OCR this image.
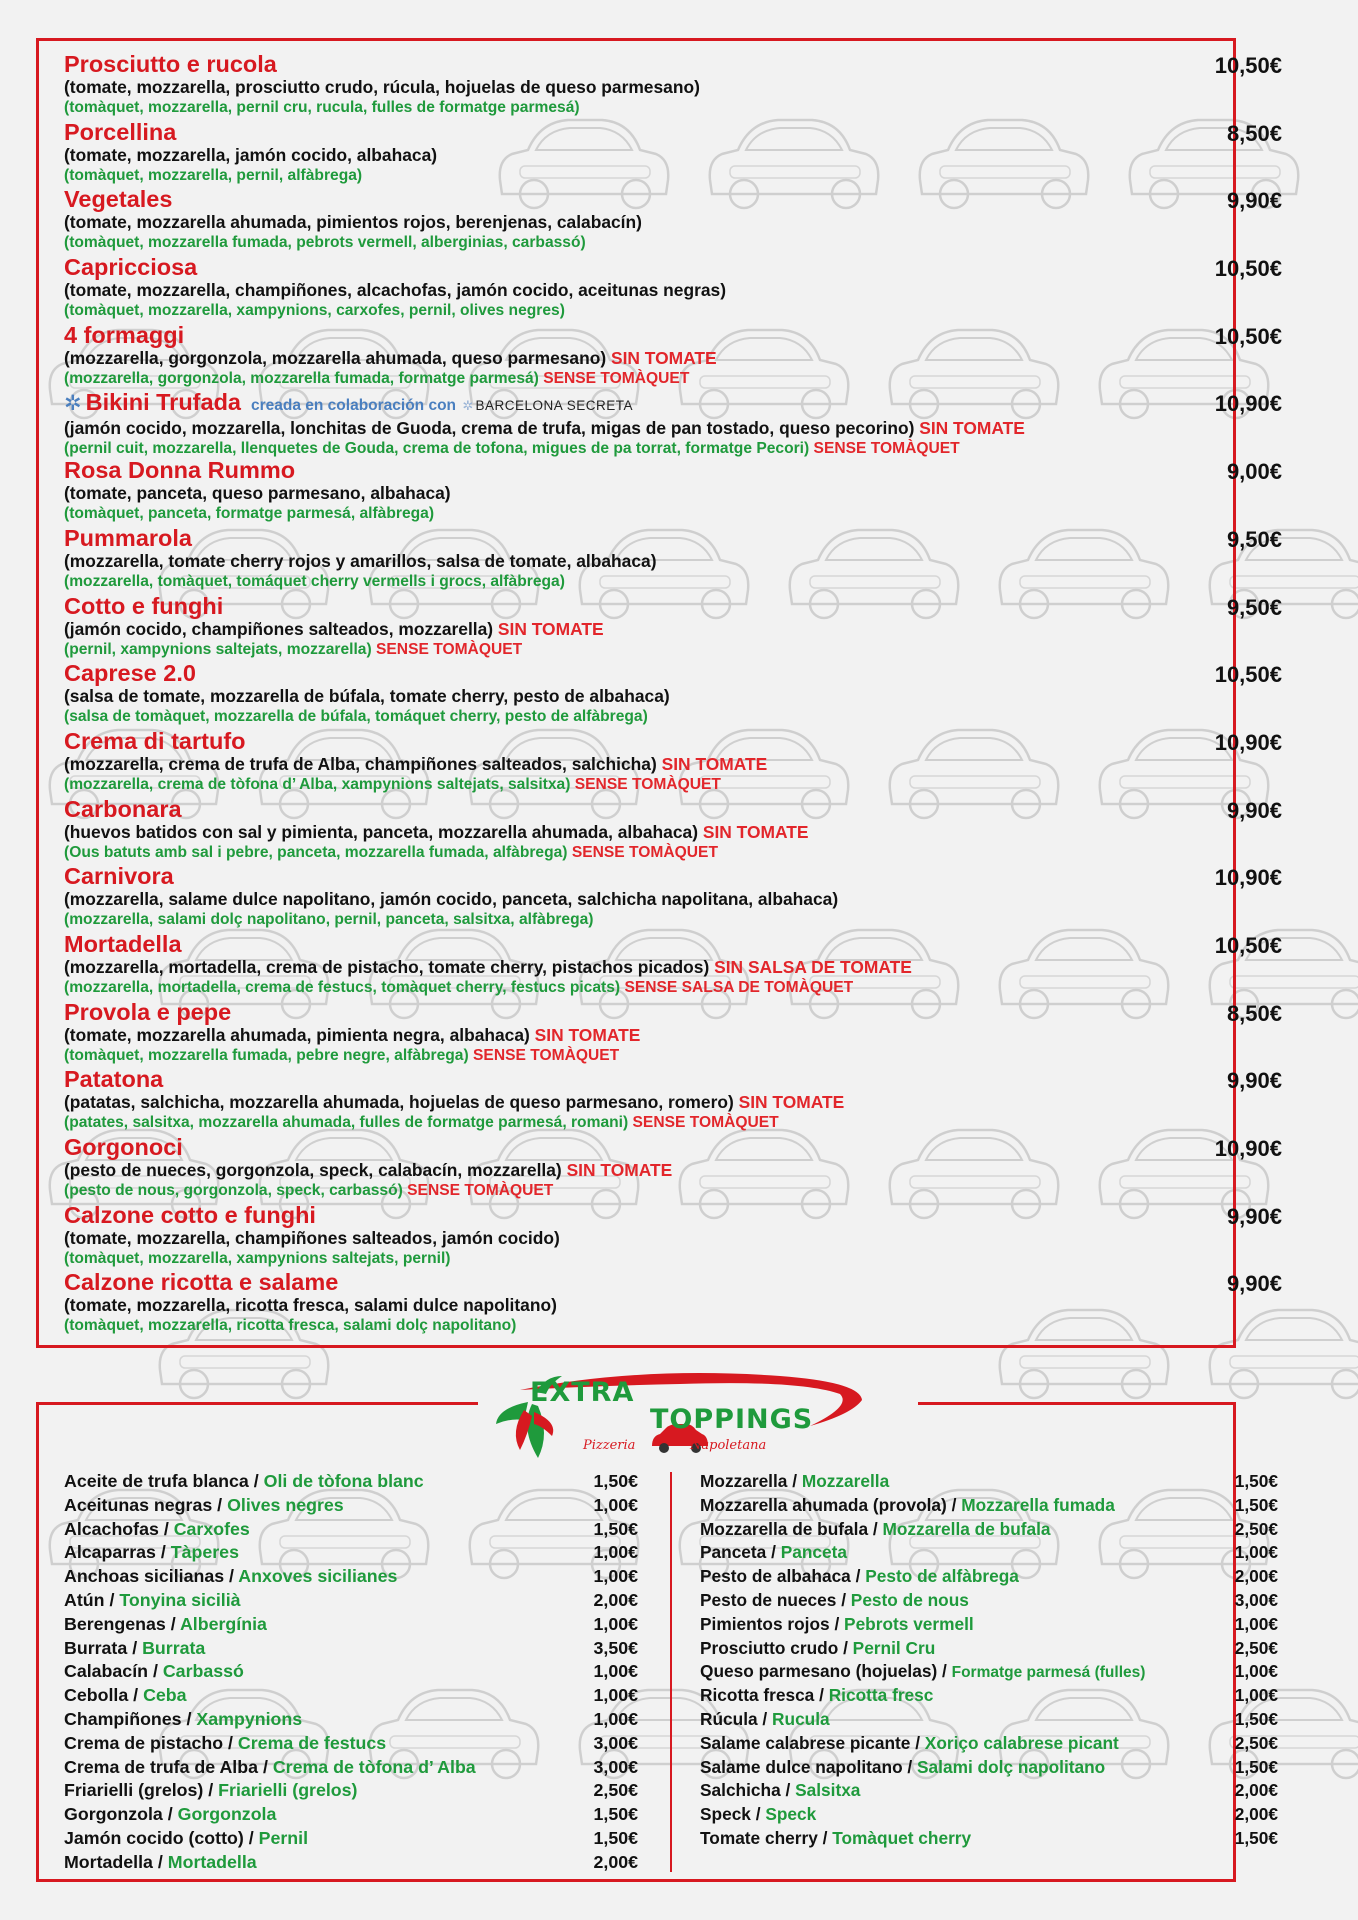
Prosciutto e rucola	10,50€
(tomate, mozzarella, prosciutto crudo, rúcula, hojuelas de queso parmesano)
(tomàquet, mozzarella, pernil cru, rucula, fulles de formatge parmesá)
Porcellina	8,50€
(tomate, mozzarella, jamón cocido, albahaca)
(tomàquet, mozzarella, pernil, alfàbrega)
Vegetales	9,90€
(tomate, mozzarella ahumada, pimientos rojos, berenjenas, calabacín)
(tomàquet, mozzarella fumada, pebrots vermell, alberginias, carbassó)
Capricciosa	10,50€
(tomate, mozzarella, champiñones, alcachofas, jamón cocido, aceitunas negras)
(tomàquet, mozzarella, xampynions, carxofes, pernil, olives negres)
4 formaggi	10,50€
(mozzarella, gorgonzola, mozzarella ahumada, queso parmesano) SIN TOMATE
(mozzarella, gorgonzola, mozzarella fumada, formatge parmesá) SENSE TOMÀQUET
✲ Bikini Trufada creada en colaboración con ✲ BARCELONA SECRETA	10,90€
(jamón cocido, mozzarella, lonchitas de Guoda, crema de trufa, migas de pan tostado, queso pecorino) SIN TOMATE
(pernil cuit, mozzarella, llenquetes de Gouda, crema de tofona, migues de pa torrat, formatge Pecori) SENSE TOMÀQUET
Rosa Donna Rummo	9,00€
(tomate, panceta, queso parmesano, albahaca)
(tomàquet, panceta, formatge parmesá, alfàbrega)
Pummarola	9,50€
(mozzarella, tomate cherry rojos y amarillos, salsa de tomate, albahaca)
(mozzarella, tomàquet, tomáquet cherry vermells i grocs, alfàbrega)
Cotto e funghi	9,50€
(jamón cocido, champiñones salteados, mozzarella) SIN TOMATE
(pernil, xampynions saltejats, mozzarella) SENSE TOMÀQUET
Caprese 2.0	10,50€
(salsa de tomate, mozzarella de búfala, tomate cherry, pesto de albahaca)
(salsa de tomàquet, mozzarella de búfala, tomáquet cherry, pesto de alfàbrega)
Crema di tartufo	10,90€
(mozzarella, crema de trufa de Alba, champiñones salteados, salchicha) SIN TOMATE
(mozzarella, crema de tòfona d’ Alba, xampynions saltejats, salsitxa) SENSE TOMÀQUET
Carbonara	9,90€
(huevos batidos con sal y pimienta, panceta, mozzarella ahumada, albahaca) SIN TOMATE
(Ous batuts amb sal i pebre, panceta, mozzarella fumada, alfàbrega) SENSE TOMÀQUET
Carnivora	10,90€
(mozzarella, salame dulce napolitano, jamón cocido, panceta, salchicha napolitana, albahaca)
(mozzarella, salami dolç napolitano, pernil, panceta, salsitxa, alfàbrega)
Mortadella	10,50€
(mozzarella, mortadella, crema de pistacho, tomate cherry, pistachos picados) SIN SALSA DE TOMATE
(mozzarella, mortadella, crema de festucs, tomàquet cherry, festucs picats) SENSE SALSA DE TOMÀQUET
Provola e pepe	8,50€
(tomate, mozzarella ahumada, pimienta negra, albahaca) SIN TOMATE
(tomàquet, mozzarella fumada, pebre negre, alfàbrega) SENSE TOMÀQUET
Patatona	9,90€
(patatas, salchicha, mozzarella ahumada, hojuelas de queso parmesano, romero) SIN TOMATE
(patates, salsitxa, mozzarella ahumada, fulles de formatge parmesá, romani) SENSE TOMÀQUET
Gorgonoci	10,90€
(pesto de nueces, gorgonzola, speck, calabacín, mozzarella) SIN TOMATE
(pesto de nous, gorgonzola, speck, carbassó) SENSE TOMÀQUET
Calzone cotto e funghi	9,90€
(tomate, mozzarella, champiñones salteados, jamón cocido)
(tomàquet, mozzarella, xampynions saltejats, pernil)
Calzone ricotta e salame	9,90€
(tomate, mozzarella, ricotta fresca, salami dulce napolitano)
(tomàquet, mozzarella, ricotta fresca, salami dolç napolitano)
EXTRA
TOPPINGS
Pizzeria	Napoletana
Aceite de trufa blanca / Oli de tòfona blanc	1,50€
Aceitunas negras / Olives negres	1,00€
Alcachofas / Carxofes	1,50€
Alcaparras / Tàperes	1,00€
Anchoas sicilianas / Anxoves sicilianes	1,00€
Atún / Tonyina sicilià	2,00€
Berengenas / Albergínia	1,00€
Burrata / Burrata	3,50€
Calabacín / Carbassó	1,00€
Cebolla / Ceba	1,00€
Champiñones / Xampynions	1,00€
Crema de pistacho / Crema de festucs	3,00€
Crema de trufa de Alba / Crema de tòfona d’ Alba	3,00€
Friarielli (grelos) / Friarielli (grelos)	2,50€
Gorgonzola / Gorgonzola	1,50€
Jamón cocido (cotto) / Pernil	1,50€
Mortadella / Mortadella	2,00€
Mozzarella / Mozzarella	1,50€
Mozzarella ahumada (provola) / Mozzarella fumada	1,50€
Mozzarella de bufala / Mozzarella de bufala	2,50€
Panceta / Panceta	1,00€
Pesto de albahaca / Pesto de alfàbrega	2,00€
Pesto de nueces / Pesto de nous	3,00€
Pimientos rojos / Pebrots vermell	1,00€
Prosciutto crudo / Pernil Cru	2,50€
Queso parmesano (hojuelas) / Formatge parmesá (fulles)	1,00€
Ricotta fresca / Ricotta fresc	1,00€
Rúcula / Rucula	1,50€
Salame calabrese picante / Xoriço calabrese picant	2,50€
Salame dulce napolitano / Salami dolç napolitano	1,50€
Salchicha / Salsitxa	2,00€
Speck / Speck	2,00€
Tomate cherry / Tomàquet cherry	1,50€
